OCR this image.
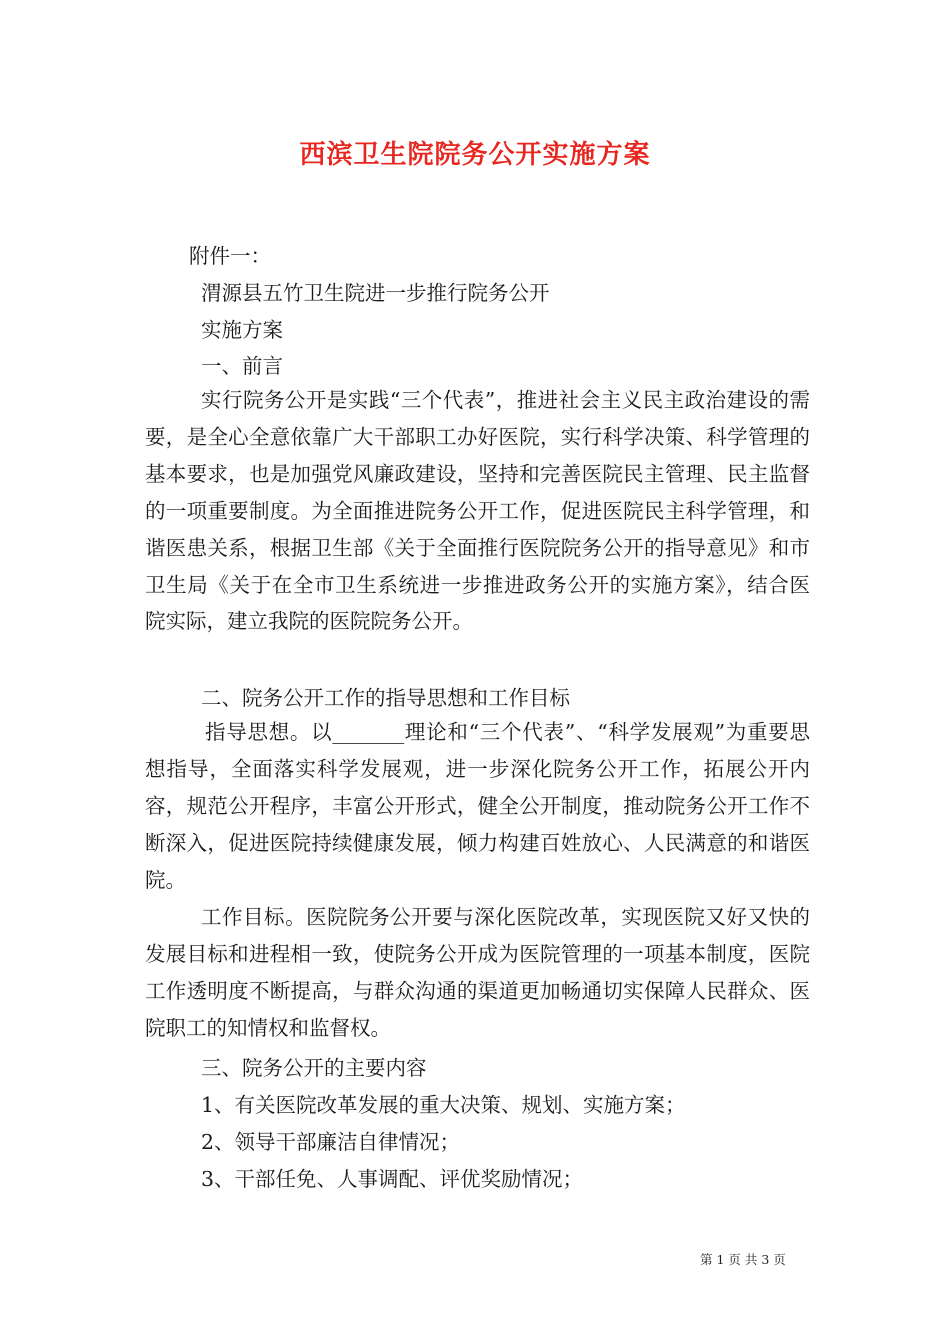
西滨卫生院院务公开实施方案
附件一：
渭源县五竹卫生院进一步推行院务公开
实施方案
一、前言
实行院务公开是实践“三个代表”，推进社会主义民主政治建设的需要，是全心全意依靠广大干部职工办好医院，实行科学决策、科学管理的基本要求，也是加强党风廉政建设，坚持和完善医院民主管理、民主监督的一项重要制度。为全面推进院务公开工作，促进医院民主科学管理，和谐医患关系，根据卫生部《关于全面推行医院院务公开的指导意见》和市卫生局《关于在全市卫生系统进一步推进政务公开的实施方案》，结合医院实际，建立我院的医院院务公开。
二、院务公开工作的指导思想和工作目标
指导思想。以_______理论和“三个代表”、“科学发展观”为重要思想指导，全面落实科学发展观，进一步深化院务公开工作，拓展公开内容，规范公开程序，丰富公开形式，健全公开制度，推动院务公开工作不断深入，促进医院持续健康发展，倾力构建百姓放心、人民满意的和谐医院。
工作目标。医院院务公开要与深化医院改革，实现医院又好又快的发展目标和进程相一致，使院务公开成为医院管理的一项基本制度，医院工作透明度不断提高，与群众沟通的渠道更加畅通切实保障人民群众、医院职工的知情权和监督权。
三、院务公开的主要内容
1、有关医院改革发展的重大决策、规划、实施方案；
2、领导干部廉洁自律情况；
3、干部任免、人事调配、评优奖励情况；
第 1 页 共 3 页
